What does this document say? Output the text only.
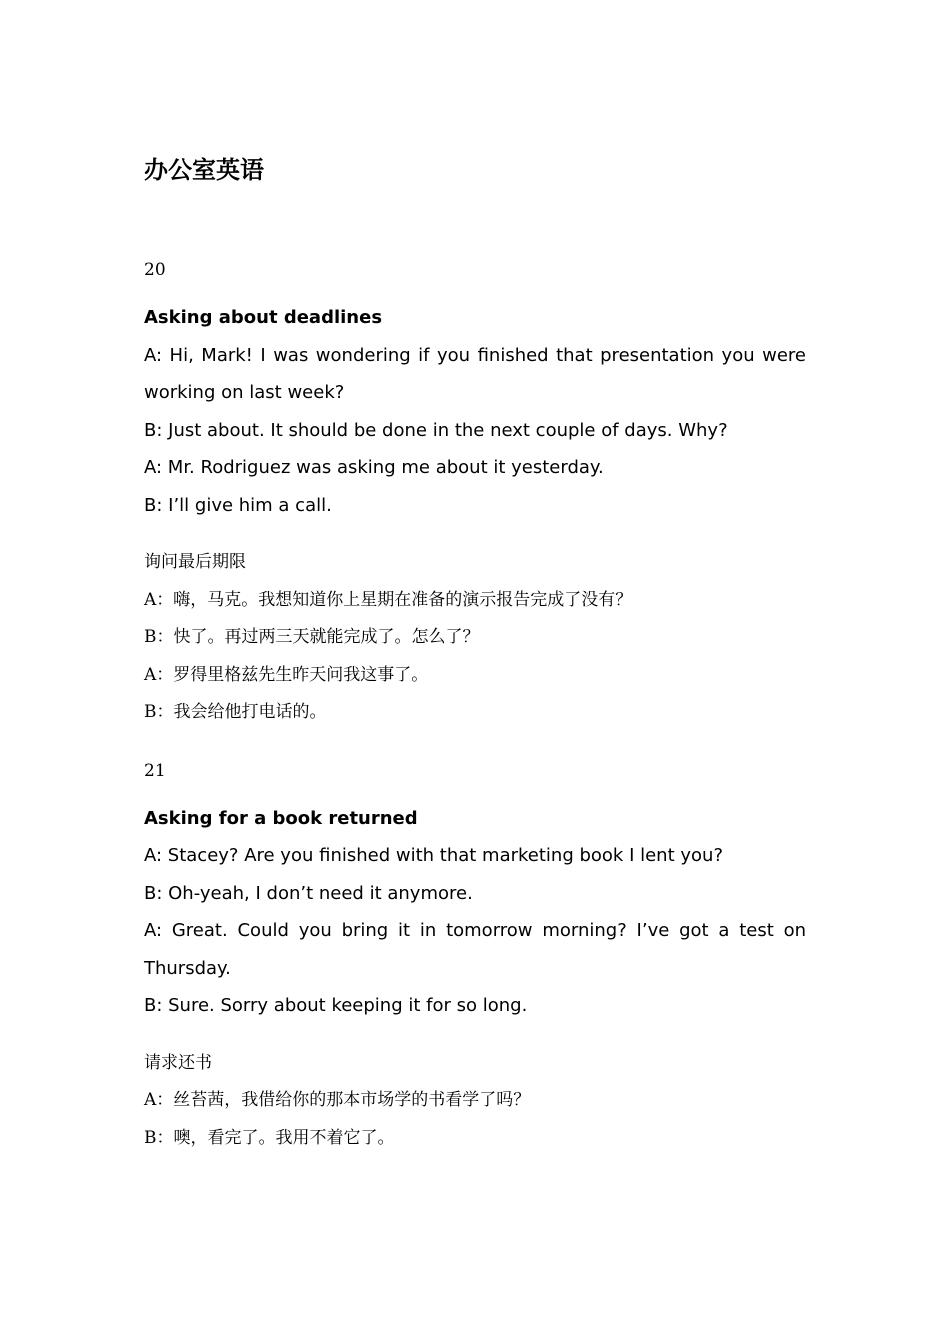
办公室英语
20
Asking about deadlines
A: Hi, Mark! I was wondering if you finished that presentation you were working on last week?
B: Just about. It should be done in the next couple of days. Why?
A: Mr. Rodriguez was asking me about it yesterday.
B: I’ll give him a call.
询问最后期限
A：嗨，马克。我想知道你上星期在准备的演示报告完成了没有？
B：快了。再过两三天就能完成了。怎么了？
A：罗得里格兹先生昨天问我这事了。
B：我会给他打电话的。
21
Asking for a book returned
A: Stacey? Are you finished with that marketing book I lent you?
B: Oh-yeah, I don’t need it anymore.
A: Great. Could you bring it in tomorrow morning? I’ve got a test on Thursday.
B: Sure. Sorry about keeping it for so long.
请求还书
A：丝苔茜，我借给你的那本市场学的书看学了吗？
B：噢，看完了。我用不着它了。
